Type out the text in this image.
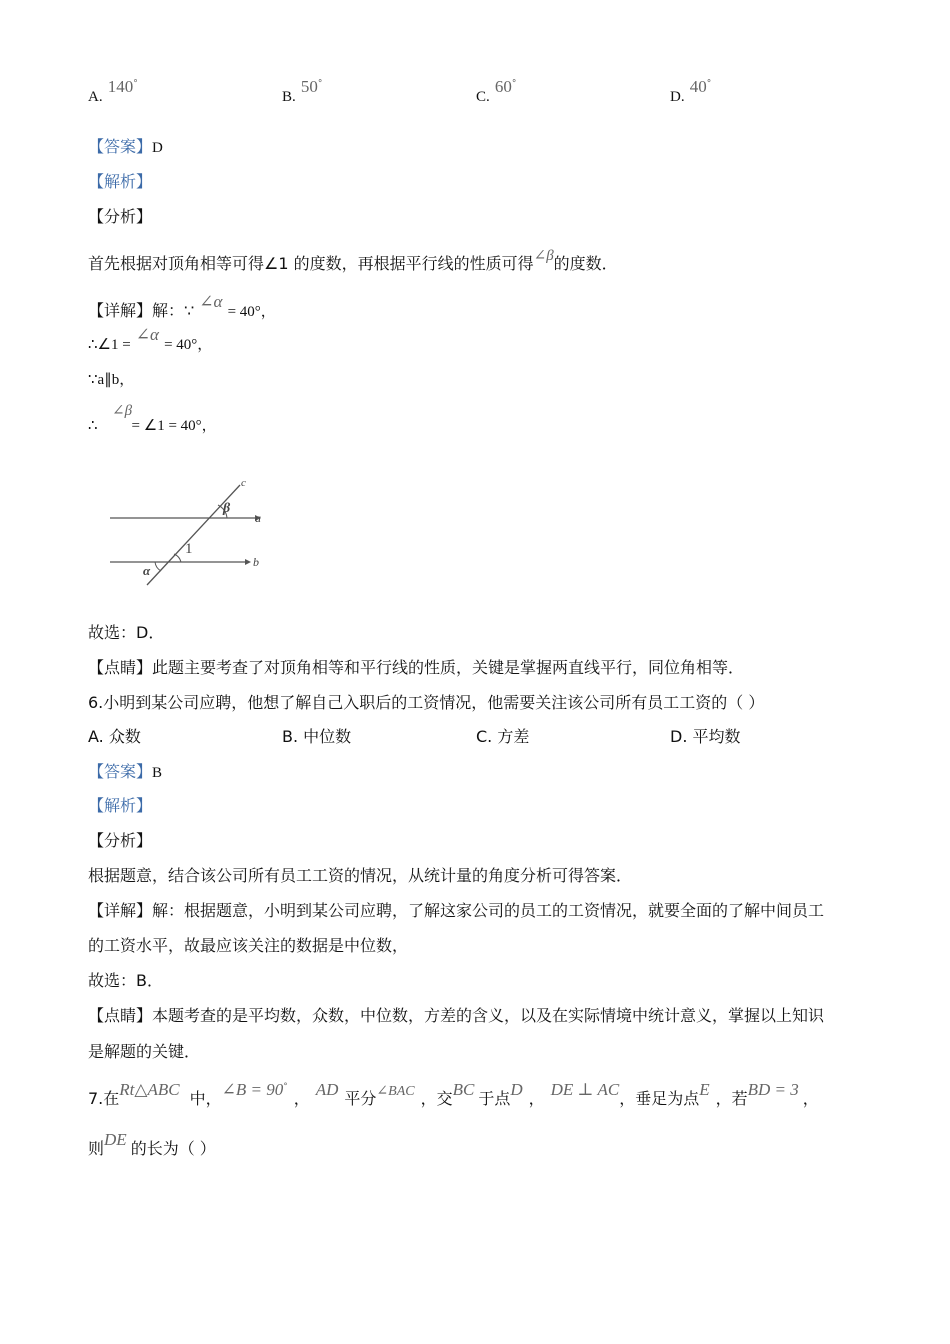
A. 140°
B. 50°
C. 60°
D. 40°
【答案】D
【解析】
【分析】
首先根据对顶角相等可得∠1 的度数，再根据平行线的性质可得∠β的度数．
【详解】解：∵ ∠α = 40°，
∴∠1 = ∠α = 40°，
∵a∥b，
∠β
∴ = ∠1 = 40°，
c
β
a
1
α
b
故选：D．
【点睛】此题主要考查了对顶角相等和平行线的性质，关键是掌握两直线平行，同位角相等．
6.小明到某公司应聘，他想了解自己入职后的工资情况，他需要关注该公司所有员工工资的（ ）
A. 众数	B. 中位数	C. 方差	D. 平均数
【答案】B
【解析】
【分析】
根据题意，结合该公司所有员工工资的情况，从统计量的角度分析可得答案．
【详解】解：根据题意，小明到某公司应聘，了解这家公司的员工的工资情况，就要全面的了解中间员工
的工资水平，故最应该关注的数据是中位数，
故选：B．
【点睛】本题考查的是平均数，众数，中位数，方差的含义，以及在实际情境中统计意义，掌握以上知识
是解题的关键．
7.在Rt△ABC 中，∠B = 90°， AD 平分∠BAC ，交BC 于点D ， DE ⊥ AC，垂足为点E ，若BD = 3 ，
则DE 的长为（ ）
